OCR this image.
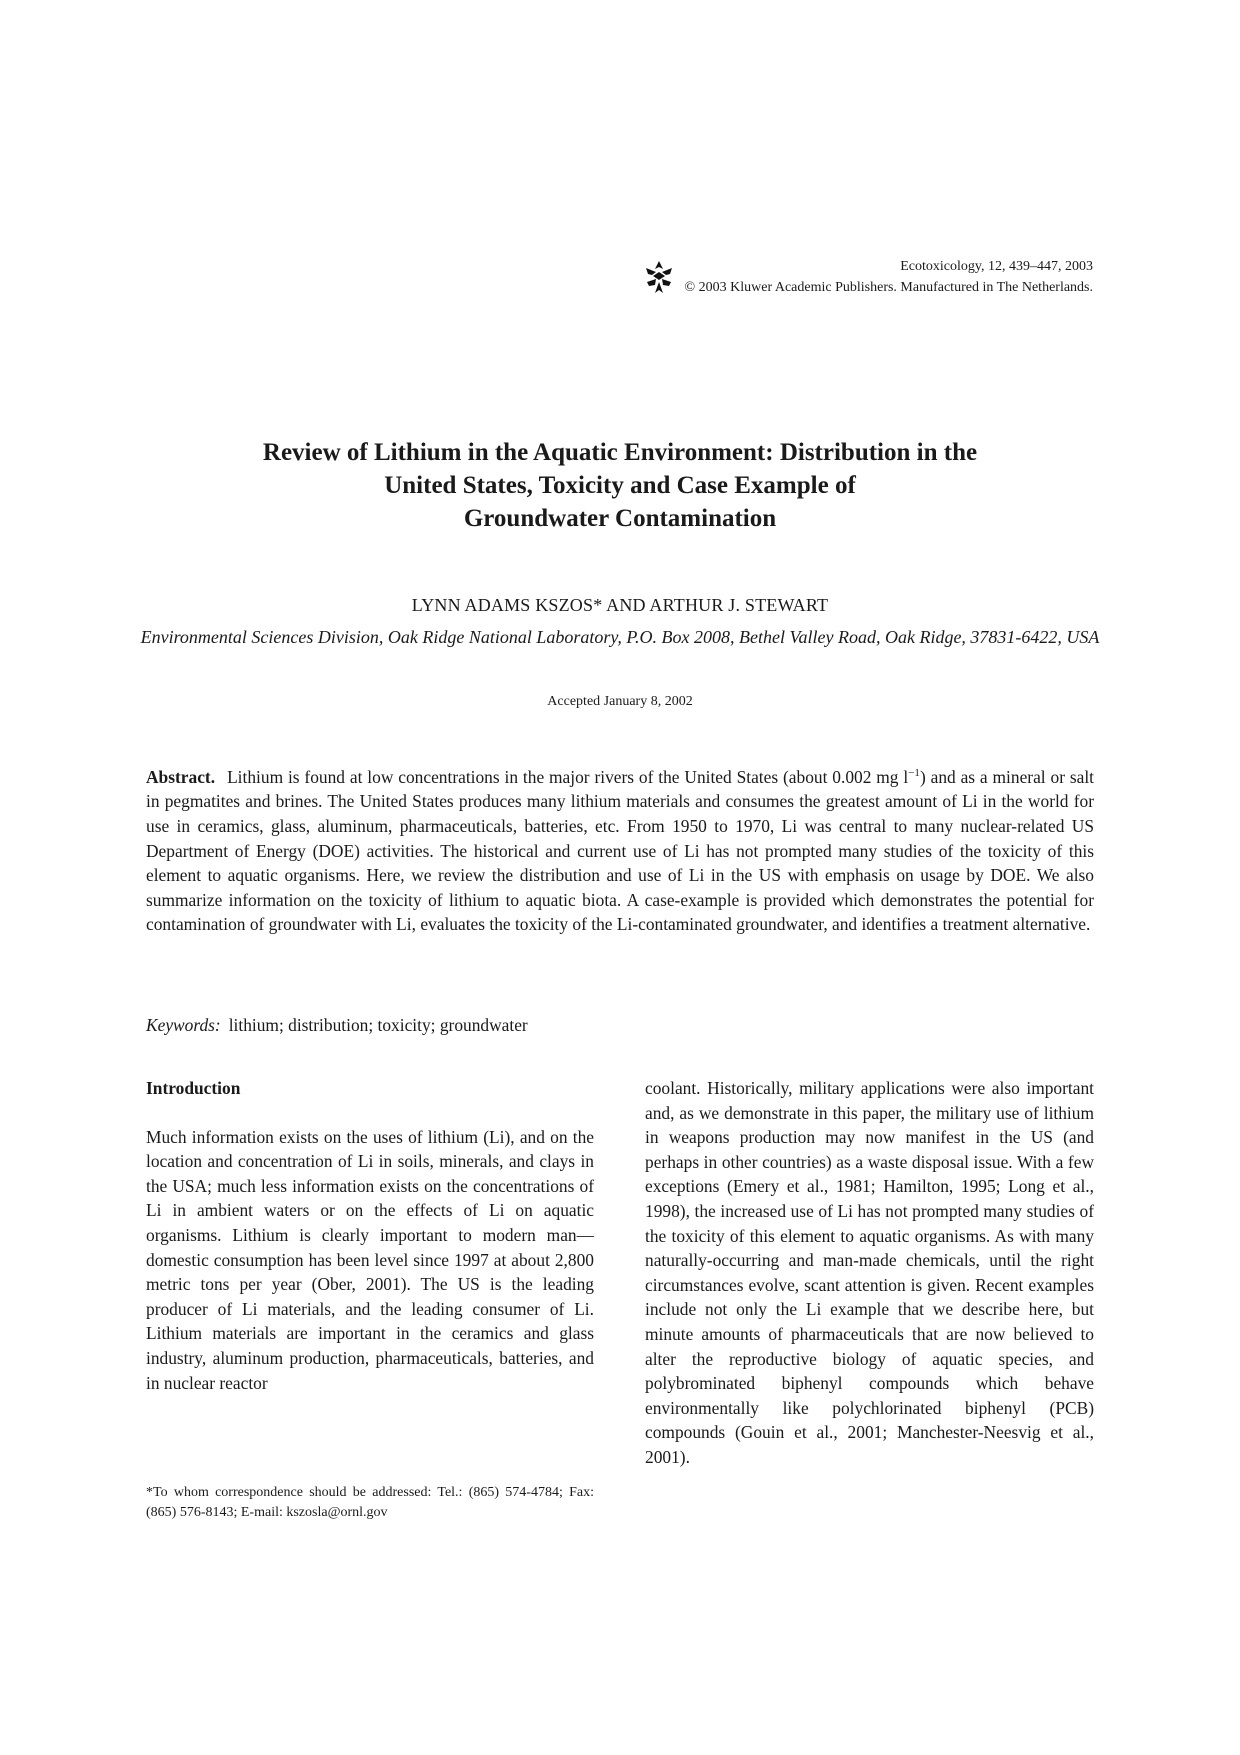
Ecotoxicology, 12, 439–447, 2003
© 2003 Kluwer Academic Publishers. Manufactured in The Netherlands.
Review of Lithium in the Aquatic Environment: Distribution in the
United States, Toxicity and Case Example of
Groundwater Contamination
LYNN ADAMS KSZOS* AND ARTHUR J. STEWART
Environmental Sciences Division, Oak Ridge National Laboratory, P.O. Box 2008, Bethel Valley Road, Oak Ridge, 37831-6422, USA
Accepted January 8, 2002
Abstract. Lithium is found at low concentrations in the major rivers of the United States (about 0.002 mg $l^{-1}$) and as a mineral or salt in pegmatites and brines. The United States produces many lithium materials and consumes the greatest amount of Li in the world for use in ceramics, glass, aluminum, pharmaceuticals, batteries, etc. From 1950 to 1970, Li was central to many nuclear-related US Department of Energy (DOE) activities. The historical and current use of Li has not prompted many studies of the toxicity of this element to aquatic organisms. Here, we review the distribution and use of Li in the US with emphasis on usage by DOE. We also summarize information on the toxicity of lithium to aquatic biota. A case-example is provided which demonstrates the potential for contamination of groundwater with Li, evaluates the toxicity of the Li-contaminated groundwater, and identifies a treatment alternative.
Keywords: lithium; distribution; toxicity; groundwater
Introduction

Much information exists on the uses of lithium (Li), and on the location and concentration of Li in soils, minerals, and clays in the USA; much less information exists on the concentrations of Li in ambient waters or on the effects of Li on aquatic organisms. Lithium is clearly important to modern man—domestic consumption has been level since 1997 at about 2,800 metric tons per year (Ober, 2001). The US is the leading producer of Li materials, and the leading consumer of Li. Lithium materials are important in the ceramics and glass industry, aluminum production, pharmaceuticals, batteries, and in nuclear reactor

coolant. Historically, military applications were also important and, as we demonstrate in this paper, the military use of lithium in weapons production may now manifest in the US (and perhaps in other countries) as a waste disposal issue. With a few exceptions (Emery et al., 1981; Hamilton, 1995; Long et al., 1998), the increased use of Li has not prompted many studies of the toxicity of this element to aquatic organisms. As with many naturally-occurring and man-made chemicals, until the right circumstances evolve, scant attention is given. Recent examples include not only the Li example that we describe here, but minute amounts of pharmaceuticals that are now believed to alter the reproductive biology of aquatic species, and polybrominated biphenyl compounds which behave environmentally like polychlorinated biphenyl (PCB) compounds (Gouin et al., 2001; Manchester-Neesvig et al., 2001).

*To whom correspondence should be addressed: Tel.: (865) 574-4784; Fax: (865) 576-8143; E-mail: kszosla@ornl.gov
